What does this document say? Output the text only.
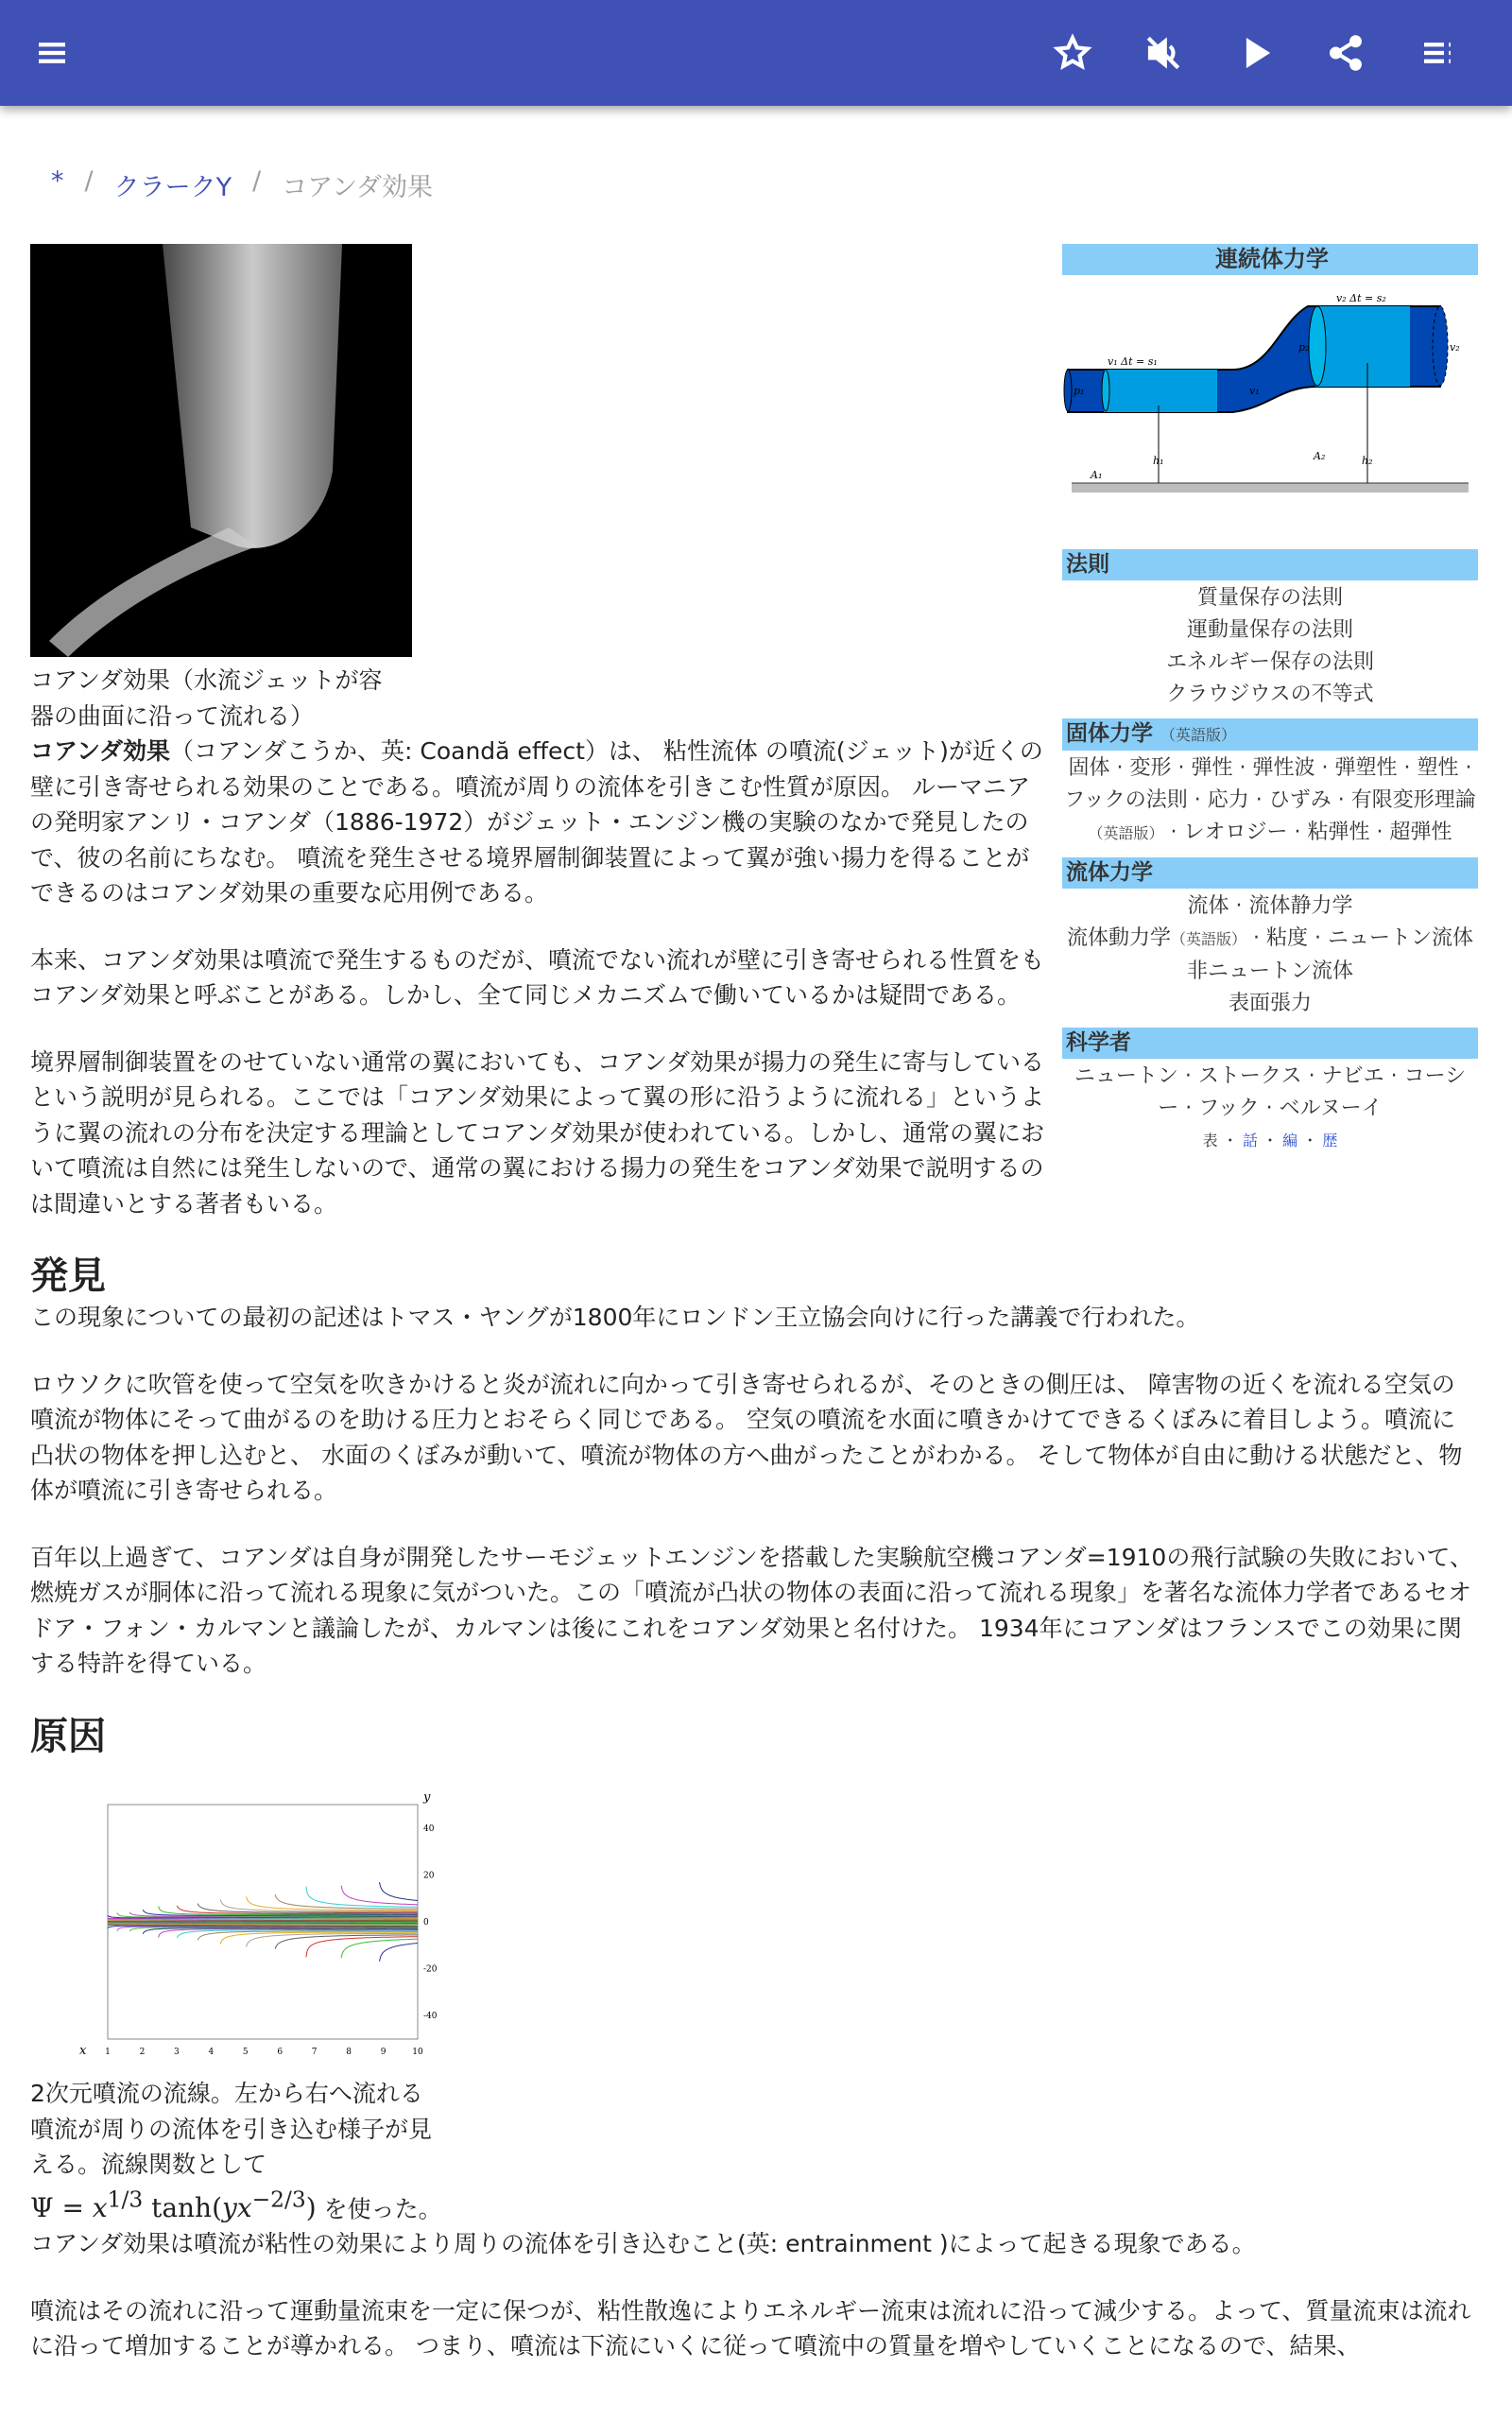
* / クラークY / コアンダ効果
連続体力学
v₁ Δt = s₁
v₂ Δt = s₂
p₁
p₂
v₁
v₂
A₁
A₂
h₁	h₂
法則
質量保存の法則
運動量保存の法則
エネルギー保存の法則
クラウジウスの不等式
固体力学 （英語版）
固体 · 変形 · 弾性 · 弾性波 · 弾塑性 · 塑性 · フックの法則 · 応力 · ひずみ · 有限変形理論（英語版） · レオロジー · 粘弾性 · 超弾性
流体力学
流体 · 流体静力学
流体動力学（英語版） · 粘度 · ニュートン流体
非ニュートン流体
表面張力
科学者
ニュートン · ストークス · ナビエ · コーシー · フック · ベルヌーイ
表 ・ 話 ・ 編 ・ 歴
コアンダ効果（水流ジェットが容
器の曲面に沿って流れる）

コアンダ効果（コアンダこうか、英: Coandă effect）は、 粘性流体 の噴流(ジェット)が近くの壁に引き寄せられる効果のことである。噴流が周りの流体を引きこむ性質が原因。 ルーマニアの発明家アンリ・コアンダ（1886-1972）がジェット・エンジン機の実験のなかで発見したので、彼の名前にちなむ。 噴流を発生させる境界層制御装置によって翼が強い揚力を得ることができるのはコアンダ効果の重要な応用例である。

本来、コアンダ効果は噴流で発生するものだが、噴流でない流れが壁に引き寄せられる性質をもコアンダ効果と呼ぶことがある。しかし、全て同じメカニズムで働いているかは疑問である。

境界層制御装置をのせていない通常の翼においても、コアンダ効果が揚力の発生に寄与しているという説明が見られる。ここでは「コアンダ効果によって翼の形に沿うように流れる」というように翼の流れの分布を決定する理論としてコアンダ効果が使われている。しかし、通常の翼において噴流は自然には発生しないので、通常の翼における揚力の発生をコアンダ効果で説明するのは間違いとする著者もいる。

発見

この現象についての最初の記述はトマス・ヤングが1800年にロンドン王立協会向けに行った講義で行われた。

ロウソクに吹管を使って空気を吹きかけると炎が流れに向かって引き寄せられるが、そのときの側圧は、 障害物の近くを流れる空気の噴流が物体にそって曲がるのを助ける圧力とおそらく同じである。 空気の噴流を水面に噴きかけてできるくぼみに着目しよう。噴流に凸状の物体を押し込むと、 水面のくぼみが動いて、噴流が物体の方へ曲がったことがわかる。 そして物体が自由に動ける状態だと、物体が噴流に引き寄せられる。

百年以上過ぎて、コアンダは自身が開発したサーモジェットエンジンを搭載した実験航空機コアンダ=1910の飛行試験の失敗において、燃焼ガスが胴体に沿って流れる現象に気がついた。この「噴流が凸状の物体の表面に沿って流れる現象」を著名な流体力学者であるセオドア・フォン・カルマンと議論したが、カルマンは後にこれをコアンダ効果と名付けた。 1934年にコアンダはフランスでこの効果に関する特許を得ている。

原因
1	2	3	4	5	6	7	8	9	10
40
20
0
-20
-40
x
y
2次元噴流の流線。左から右へ流れる
噴流が周りの流体を引き込む様子が見
える。流線関数として
$\Psi = x^{1/3}$ $\tanh(yx^{-2/3})$ を使った。

コアンダ効果は噴流が粘性の効果により周りの流体を引き込むこと(英: entrainment )によって起きる現象である。

噴流はその流れに沿って運動量流束を一定に保つが、粘性散逸によりエネルギー流束は流れに沿って減少する。よって、質量流束は流れに沿って増加することが導かれる。 つまり、噴流は下流にいくに従って噴流中の質量を増やしていくことになるので、結果、
